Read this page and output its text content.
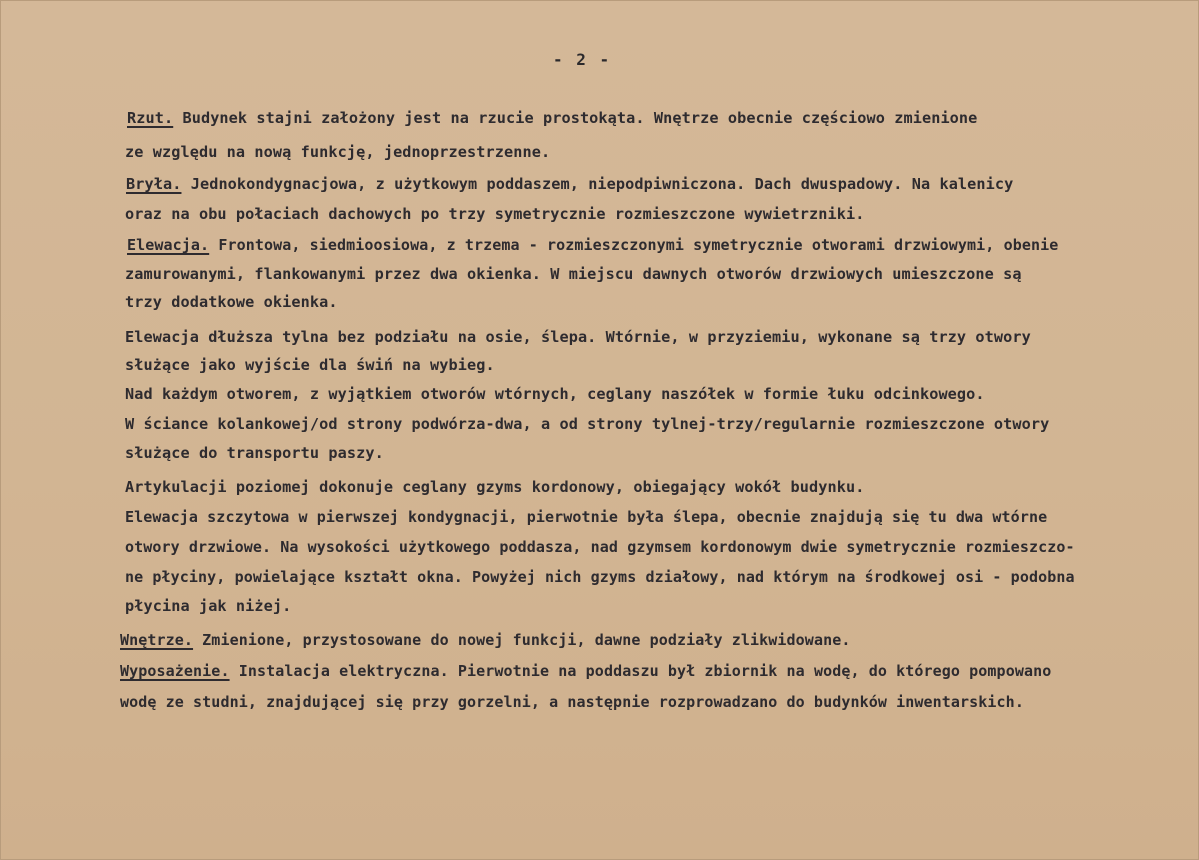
- 2 -
Rzut. Budynek stajni założony jest na rzucie prostokąta. Wnętrze obecnie częściowo zmienione
ze względu na nową funkcję, jednoprzestrzenne.
Bryła. Jednokondygnacjowa, z użytkowym poddaszem, niepodpiwniczona. Dach dwuspadowy. Na kalenicy
oraz na obu połaciach dachowych po trzy symetrycznie rozmieszczone wywietrzniki.
Elewacja. Frontowa, siedmioosiowa, z trzema - rozmieszczonymi symetrycznie otworami drzwiowymi, obenie
zamurowanymi, flankowanymi przez dwa okienka. W miejscu dawnych otworów drzwiowych umieszczone są
trzy dodatkowe okienka.
Elewacja dłuższa tylna bez podziału na osie, ślepa. Wtórnie, w przyziemiu, wykonane są trzy otwory
służące jako wyjście dla świń na wybieg.
Nad każdym otworem, z wyjątkiem otworów wtórnych, ceglany naszółek w formie łuku odcinkowego.
W ściance kolankowej/od strony podwórza-dwa, a od strony tylnej-trzy/regularnie rozmieszczone otwory
służące do transportu paszy.
Artykulacji poziomej dokonuje ceglany gzyms kordonowy, obiegający wokół budynku.
Elewacja szczytowa w pierwszej kondygnacji, pierwotnie była ślepa, obecnie znajdują się tu dwa wtórne
otwory drzwiowe. Na wysokości użytkowego poddasza, nad gzymsem kordonowym dwie symetrycznie rozmieszczo-
ne płyciny, powielające kształt okna. Powyżej nich gzyms działowy, nad którym na środkowej osi - podobna
płycina jak niżej.
Wnętrze. Zmienione, przystosowane do nowej funkcji, dawne podziały zlikwidowane.
Wyposażenie. Instalacja elektryczna. Pierwotnie na poddaszu był zbiornik na wodę, do którego pompowano
wodę ze studni, znajdującej się przy gorzelni, a następnie rozprowadzano do budynków inwentarskich.
